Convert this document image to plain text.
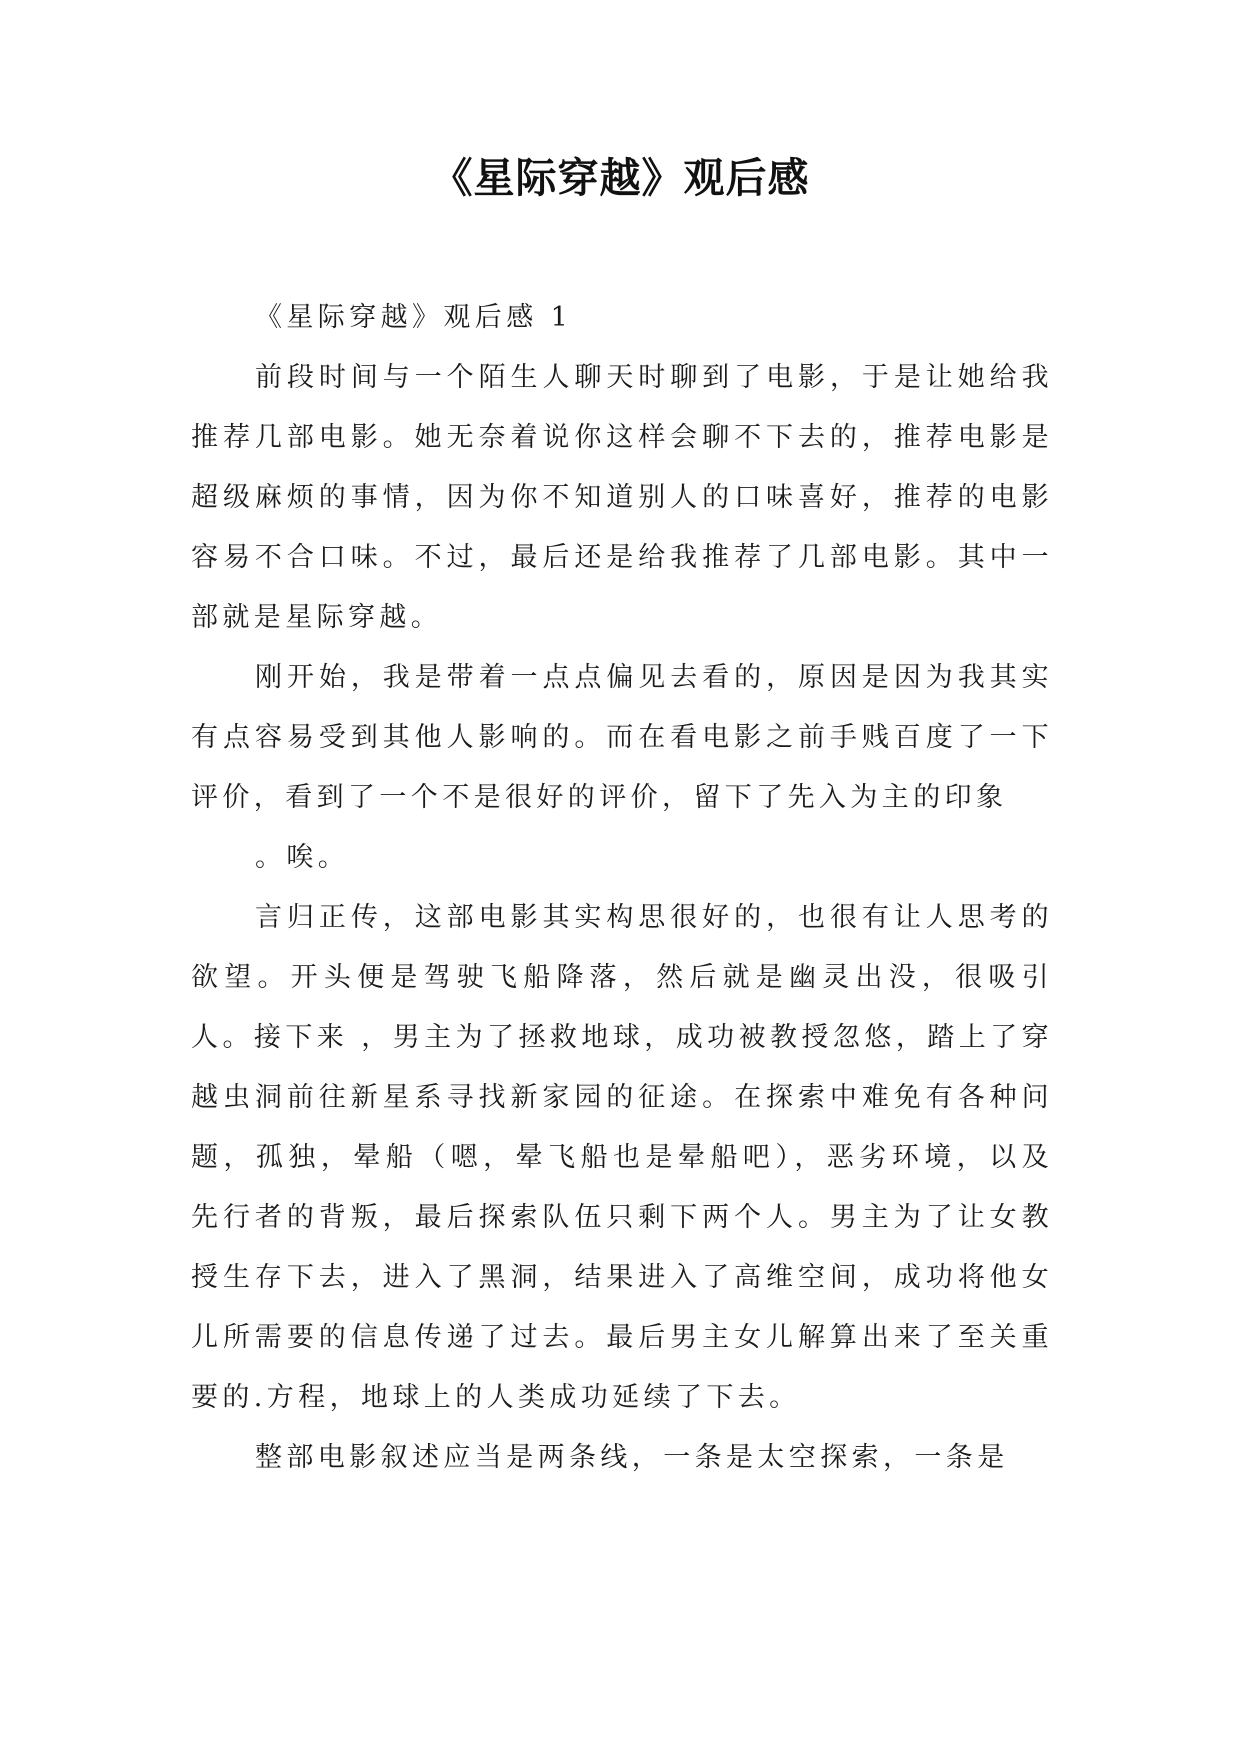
《星际穿越》观后感

《星际穿越》观后感 1

前段时间与一个陌生人聊天时聊到了电影，于是让她给我推荐几部电影。她无奈着说你这样会聊不下去的，推荐电影是超级麻烦的事情，因为你不知道别人的口味喜好，推荐的电影容易不合口味。不过，最后还是给我推荐了几部电影。其中一部就是星际穿越。

刚开始，我是带着一点点偏见去看的，原因是因为我其实有点容易受到其他人影响的。而在看电影之前手贱百度了一下评价，看到了一个不是很好的评价，留下了先入为主的印象

。唉。

言归正传，这部电影其实构思很好的，也很有让人思考的欲望。开头便是驾驶飞船降落，然后就是幽灵出没，很吸引人。接下来 ，男主为了拯救地球，成功被教授忽悠，踏上了穿越虫洞前往新星系寻找新家园的征途。在探索中难免有各种问题，孤独，晕船（嗯，晕飞船也是晕船吧），恶劣环境，以及先行者的背叛，最后探索队伍只剩下两个人。男主为了让女教授生存下去，进入了黑洞，结果进入了高维空间，成功将他女儿所需要的信息传递了过去。最后男主女儿解算出来了至关重要的.方程，地球上的人类成功延续了下去。

整部电影叙述应当是两条线，一条是太空探索，一条是
